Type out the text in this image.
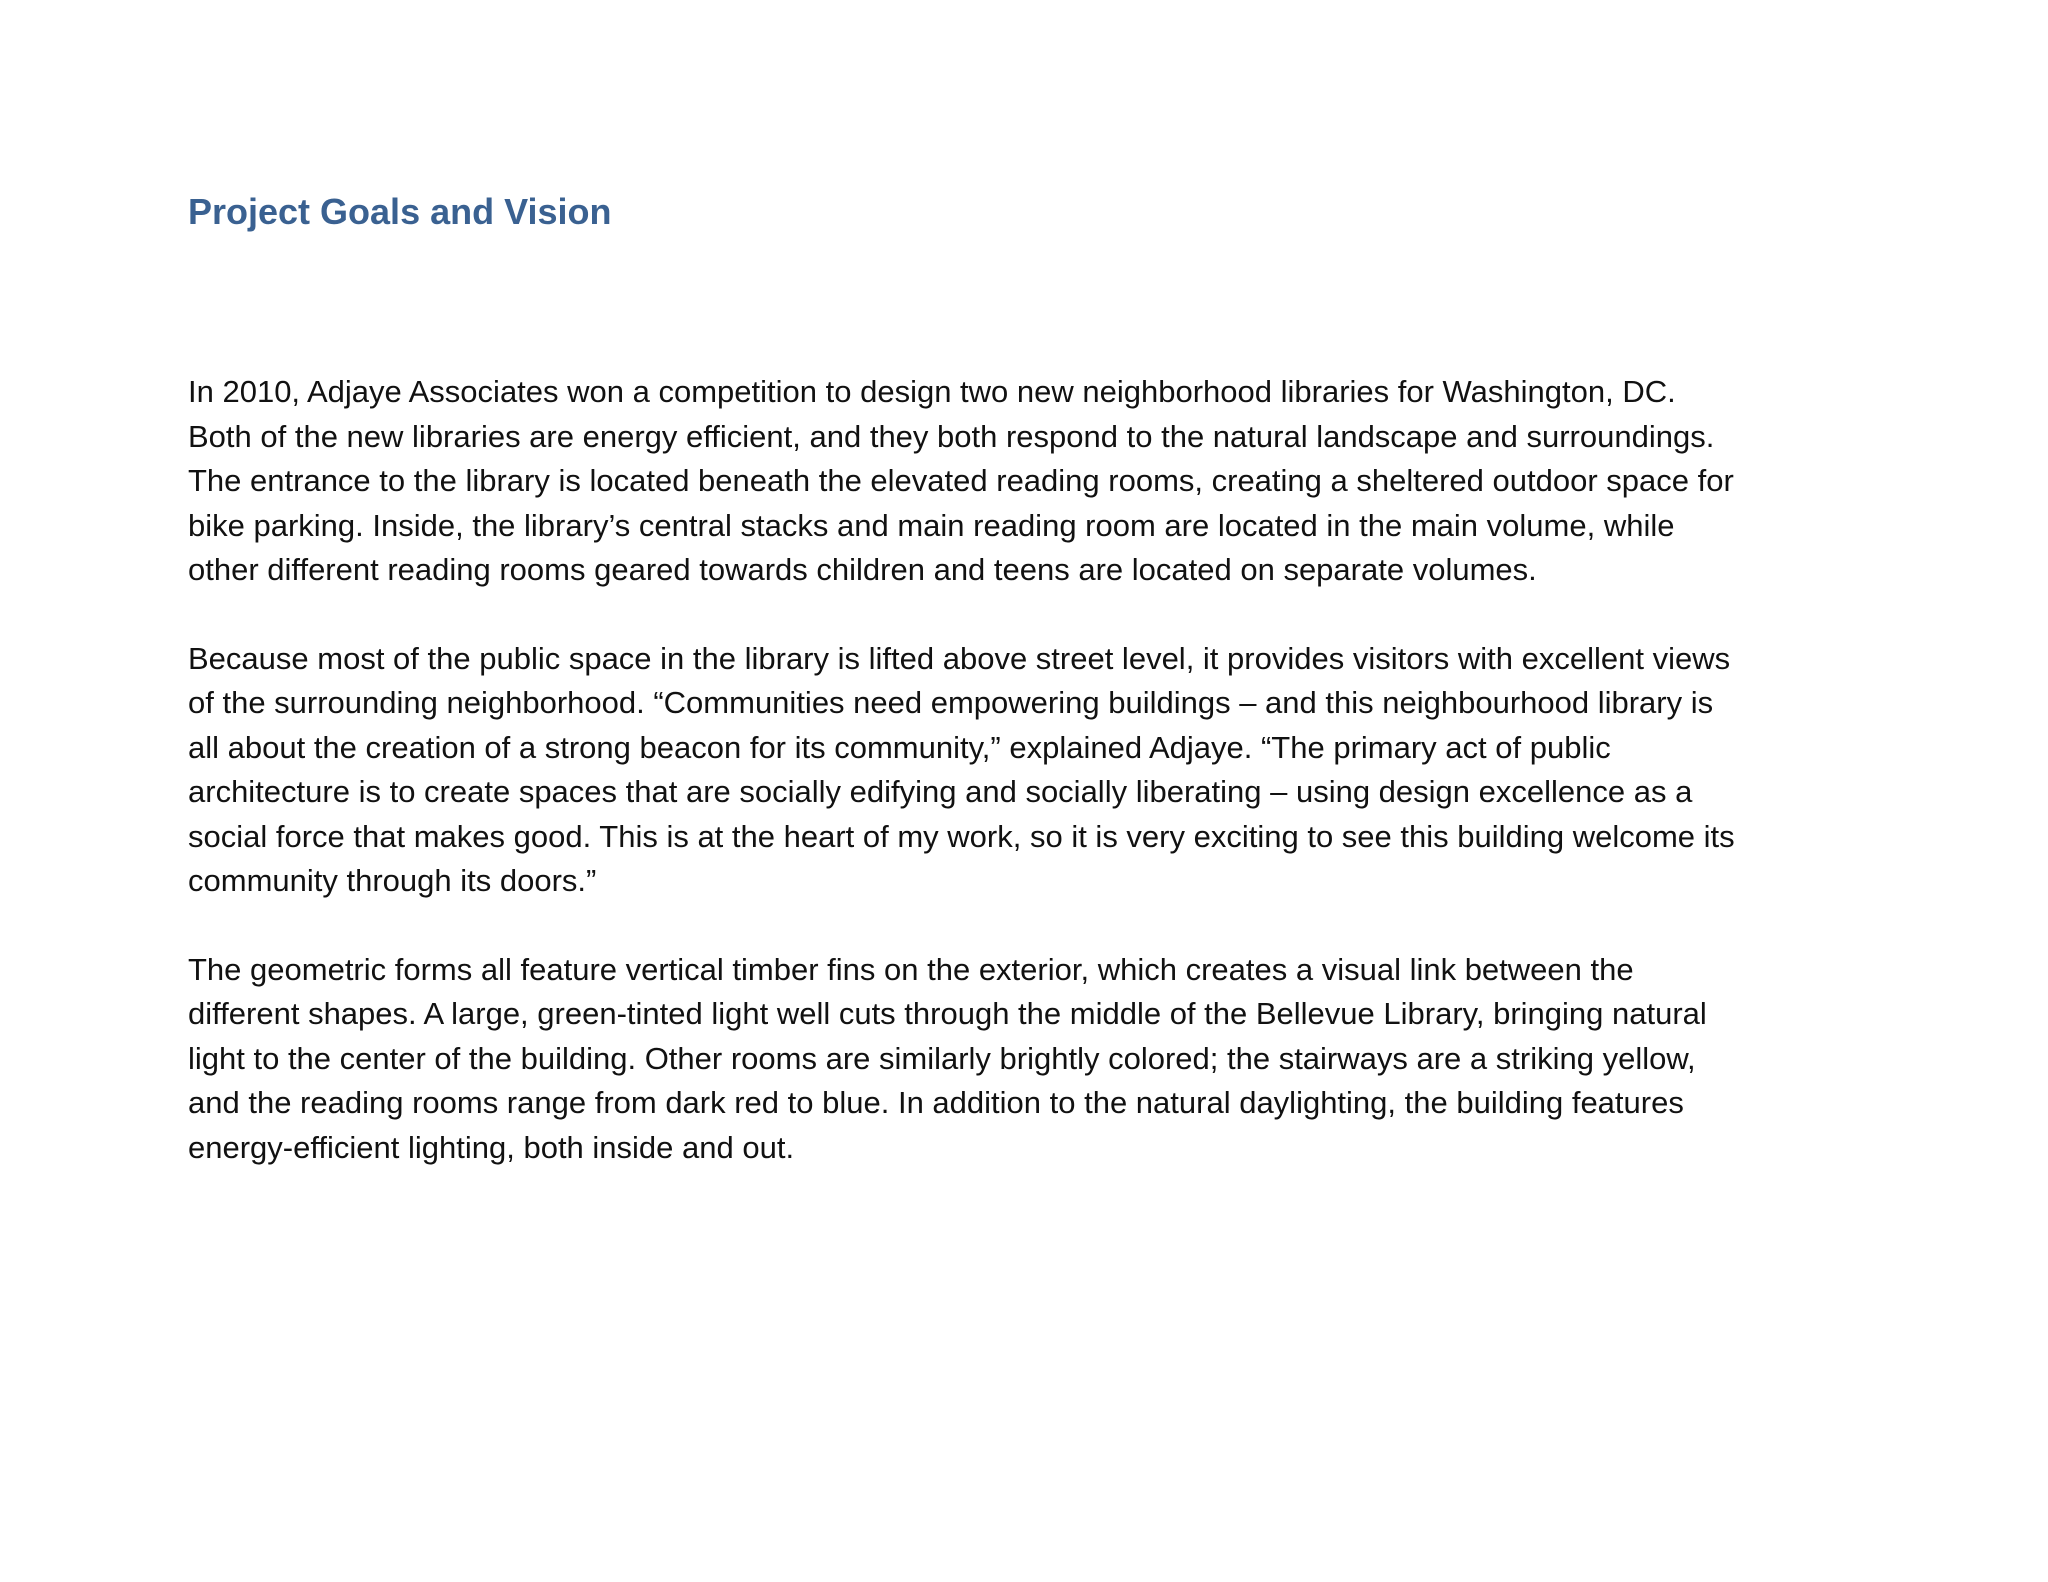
Project Goals and Vision

In 2010, Adjaye Associates won a competition to design two new neighborhood libraries for Washington, DC.
Both of the new libraries are energy efficient, and they both respond to the natural landscape and surroundings.
The entrance to the library is located beneath the elevated reading rooms, creating a sheltered outdoor space for
bike parking. Inside, the library’s central stacks and main reading room are located in the main volume, while
other different reading rooms geared towards children and teens are located on separate volumes.

Because most of the public space in the library is lifted above street level, it provides visitors with excellent views
of the surrounding neighborhood. “Communities need empowering buildings – and this neighbourhood library is
all about the creation of a strong beacon for its community,” explained Adjaye. “The primary act of public
architecture is to create spaces that are socially edifying and socially liberating – using design excellence as a
social force that makes good. This is at the heart of my work, so it is very exciting to see this building welcome its
community through its doors.”

The geometric forms all feature vertical timber fins on the exterior, which creates a visual link between the
different shapes. A large, green-tinted light well cuts through the middle of the Bellevue Library, bringing natural
light to the center of the building. Other rooms are similarly brightly colored; the stairways are a striking yellow,
and the reading rooms range from dark red to blue. In addition to the natural daylighting, the building features
energy-efficient lighting, both inside and out.
